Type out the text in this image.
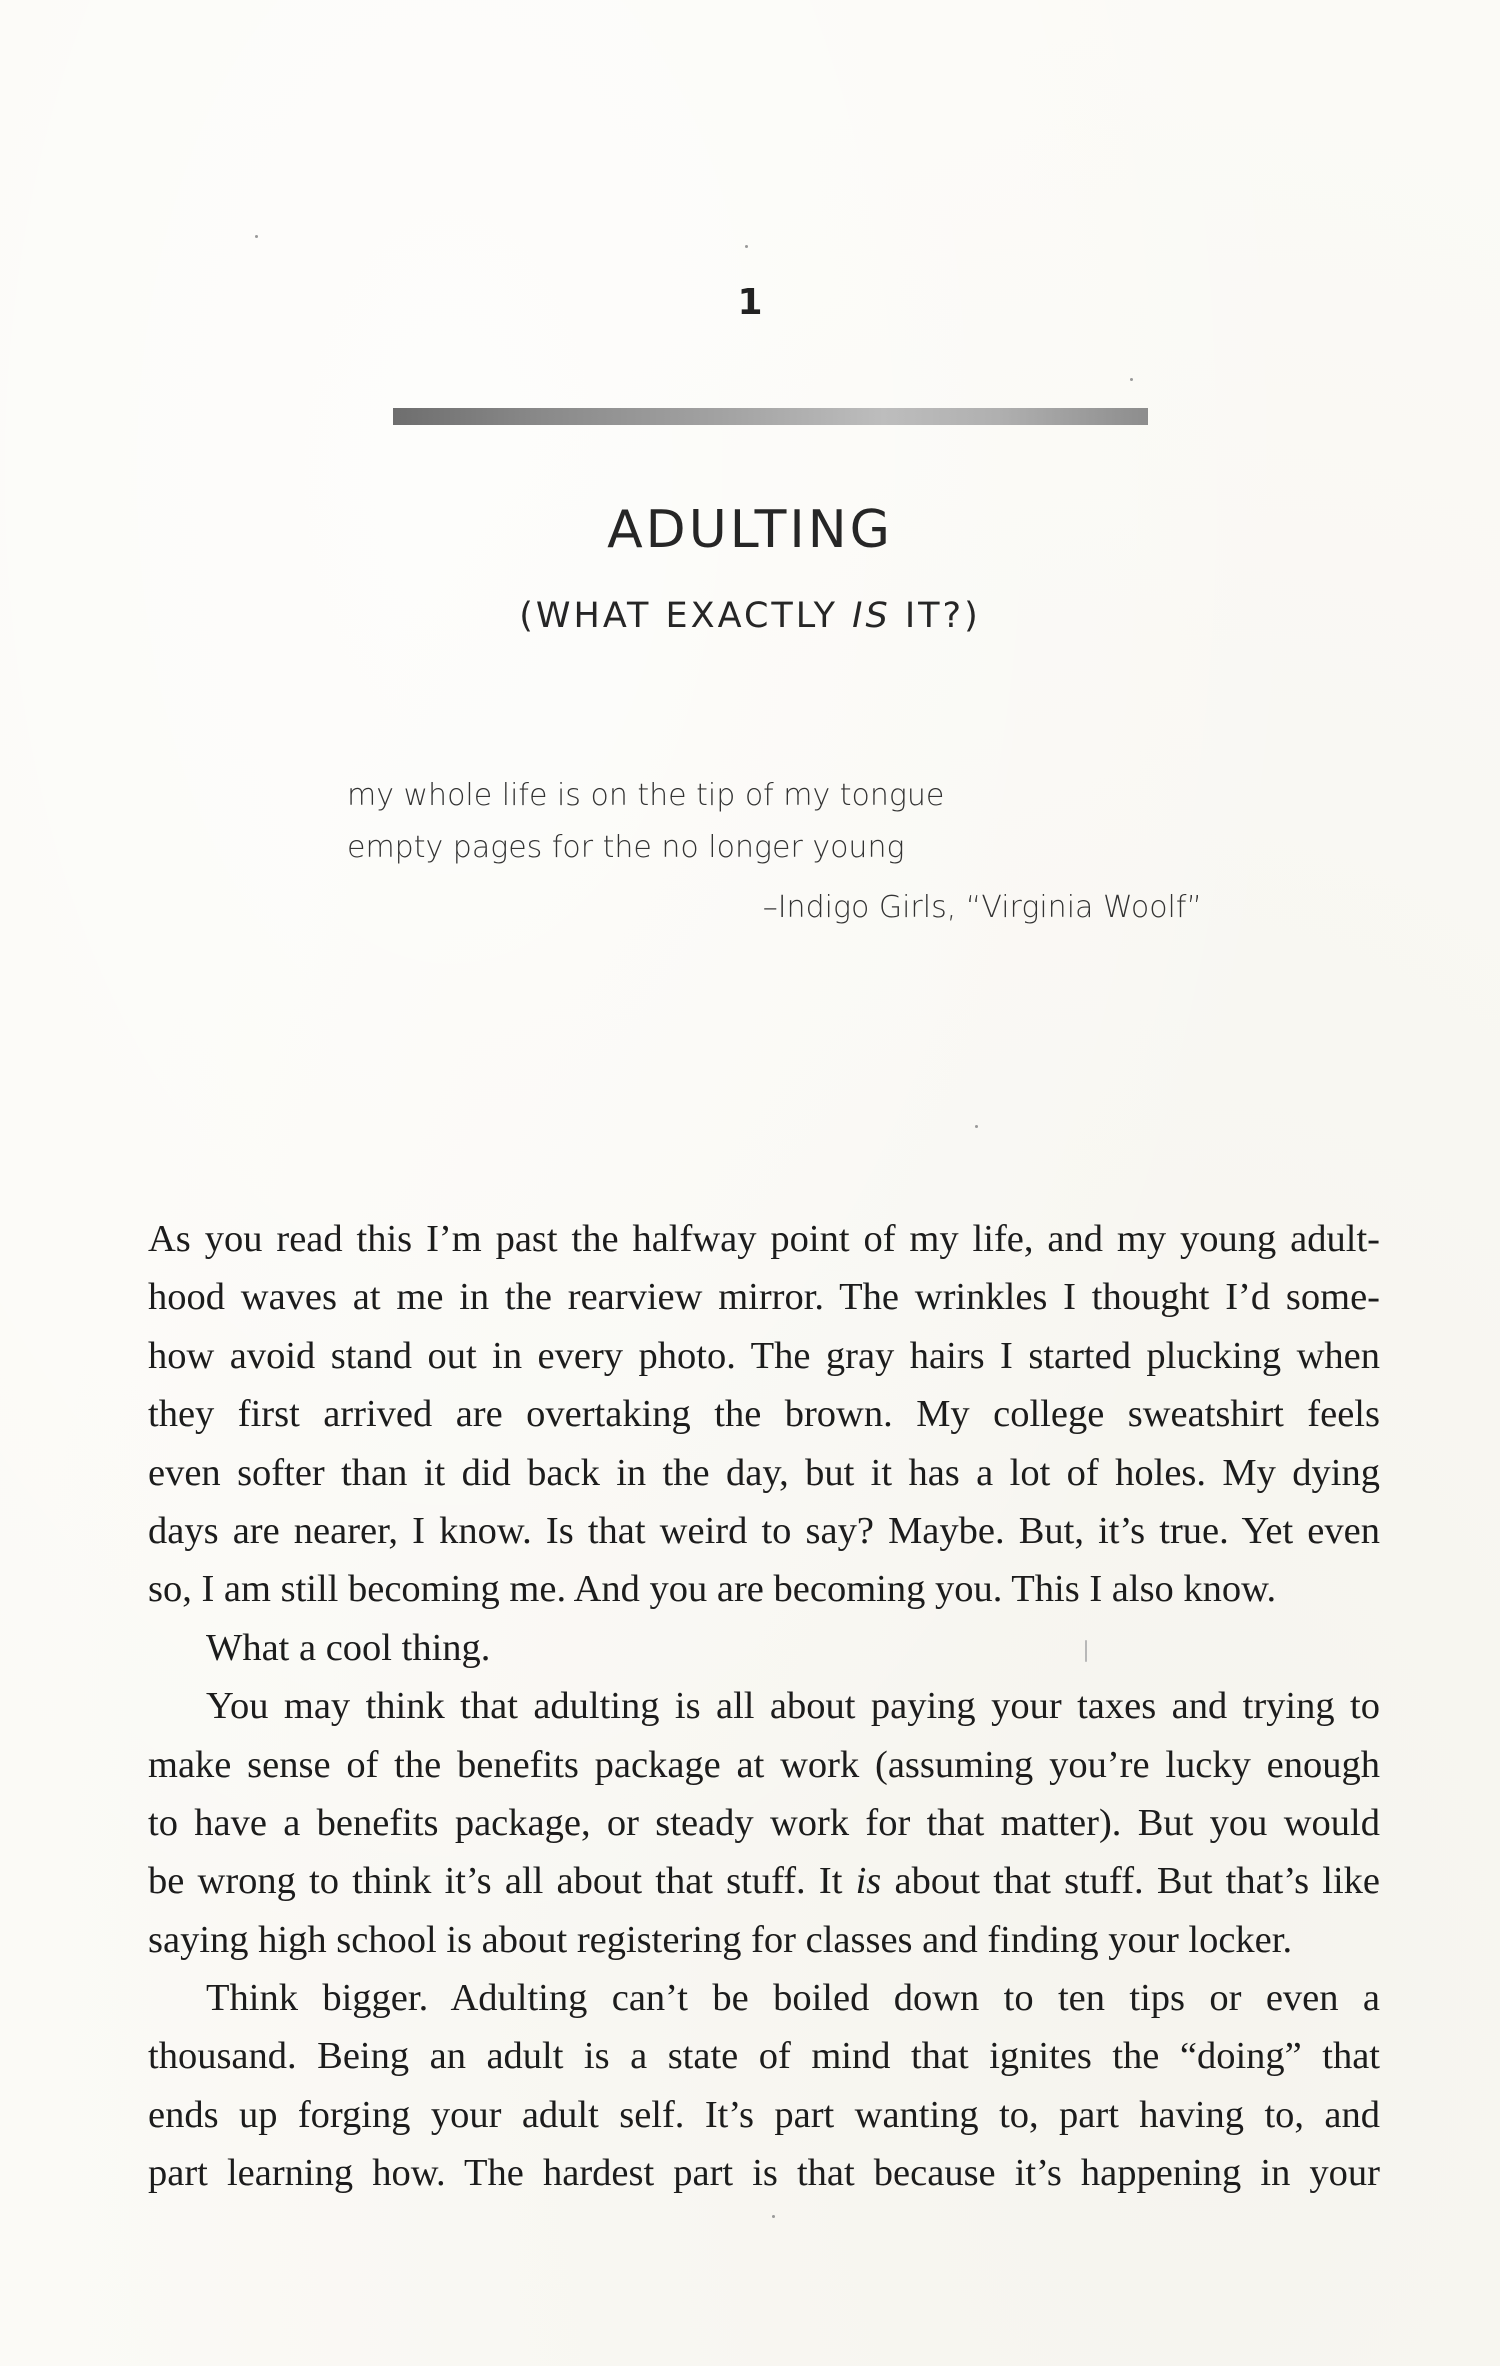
1
ADULTING
(WHAT EXACTLY IS IT?)
my whole life is on the tip of my tongue
empty pages for the no longer young
–Indigo Girls, “Virginia Woolf”
As you read this I’m past the halfway point of my life, and my young adult-
hood waves at me in the rearview mirror. The wrinkles I thought I’d some-
how avoid stand out in every photo. The gray hairs I started plucking when
they first arrived are overtaking the brown. My college sweatshirt feels
even softer than it did back in the day, but it has a lot of holes. My dying
days are nearer, I know. Is that weird to say? Maybe. But, it’s true. Yet even
so, I am still becoming me. And you are becoming you. This I also know.
What a cool thing.
You may think that adulting is all about paying your taxes and trying to
make sense of the benefits package at work (assuming you’re lucky enough
to have a benefits package, or steady work for that matter). But you would
be wrong to think it’s all about that stuff. It is about that stuff. But that’s like
saying high school is about registering for classes and finding your locker.
Think bigger. Adulting can’t be boiled down to ten tips or even a
thousand. Being an adult is a state of mind that ignites the “doing” that
ends up forging your adult self. It’s part wanting to, part having to, and
part learning how. The hardest part is that because it’s happening in your
